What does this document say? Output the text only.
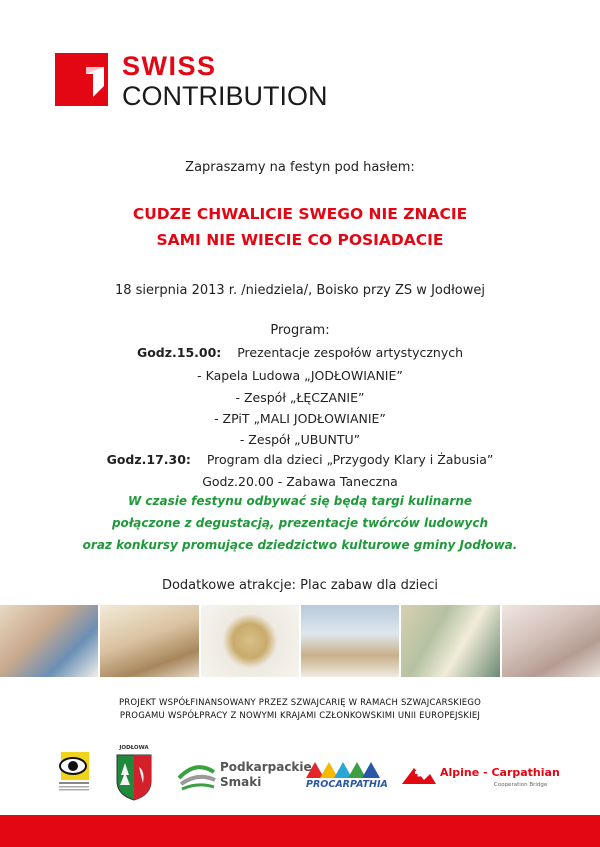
SWISS
CONTRIBUTION
Zapraszamy na festyn pod hasłem:
CUDZE CHWALICIE SWEGO NIE ZNACIE
SAMI NIE WIECIE CO POSIADACIE
18 sierpnia 2013 r. /niedziela/, Boisko przy ZS w Jodłowej
Program:
Godz.15.00: Prezentacje zespołów artystycznych
- Kapela Ludowa „JODŁOWIANIE”
- Zespół „ŁĘCZANIE”
- ZPiT „MALI JODŁOWIANIE”
- Zespół „UBUNTU”
Godz.17.30: Program dla dzieci „Przygody Klary i Żabusia”
Godz.20.00 - Zabawa Taneczna
W czasie festynu odbywać się będą targi kulinarne
połączone z degustacją, prezentacje twórców ludowych
oraz konkursy promujące dziedzictwo kulturowe gminy Jodłowa.
Dodatkowe atrakcje: Plac zabaw dla dzieci
PROJEKT WSPÓŁFINANSOWANY PRZEZ SZWAJCARIĘ W RAMACH SZWAJCARSKIEGO
PROGAMU WSPÓŁPRACY Z NOWYMI KRAJAMI CZŁONKOWSKIMI UNII EUROPEJSKIEJ
JODŁOWA
Podkarpackie
Smaki	PROCARPATHIA
Alpine - Carpathian
Cooperation Bridge
